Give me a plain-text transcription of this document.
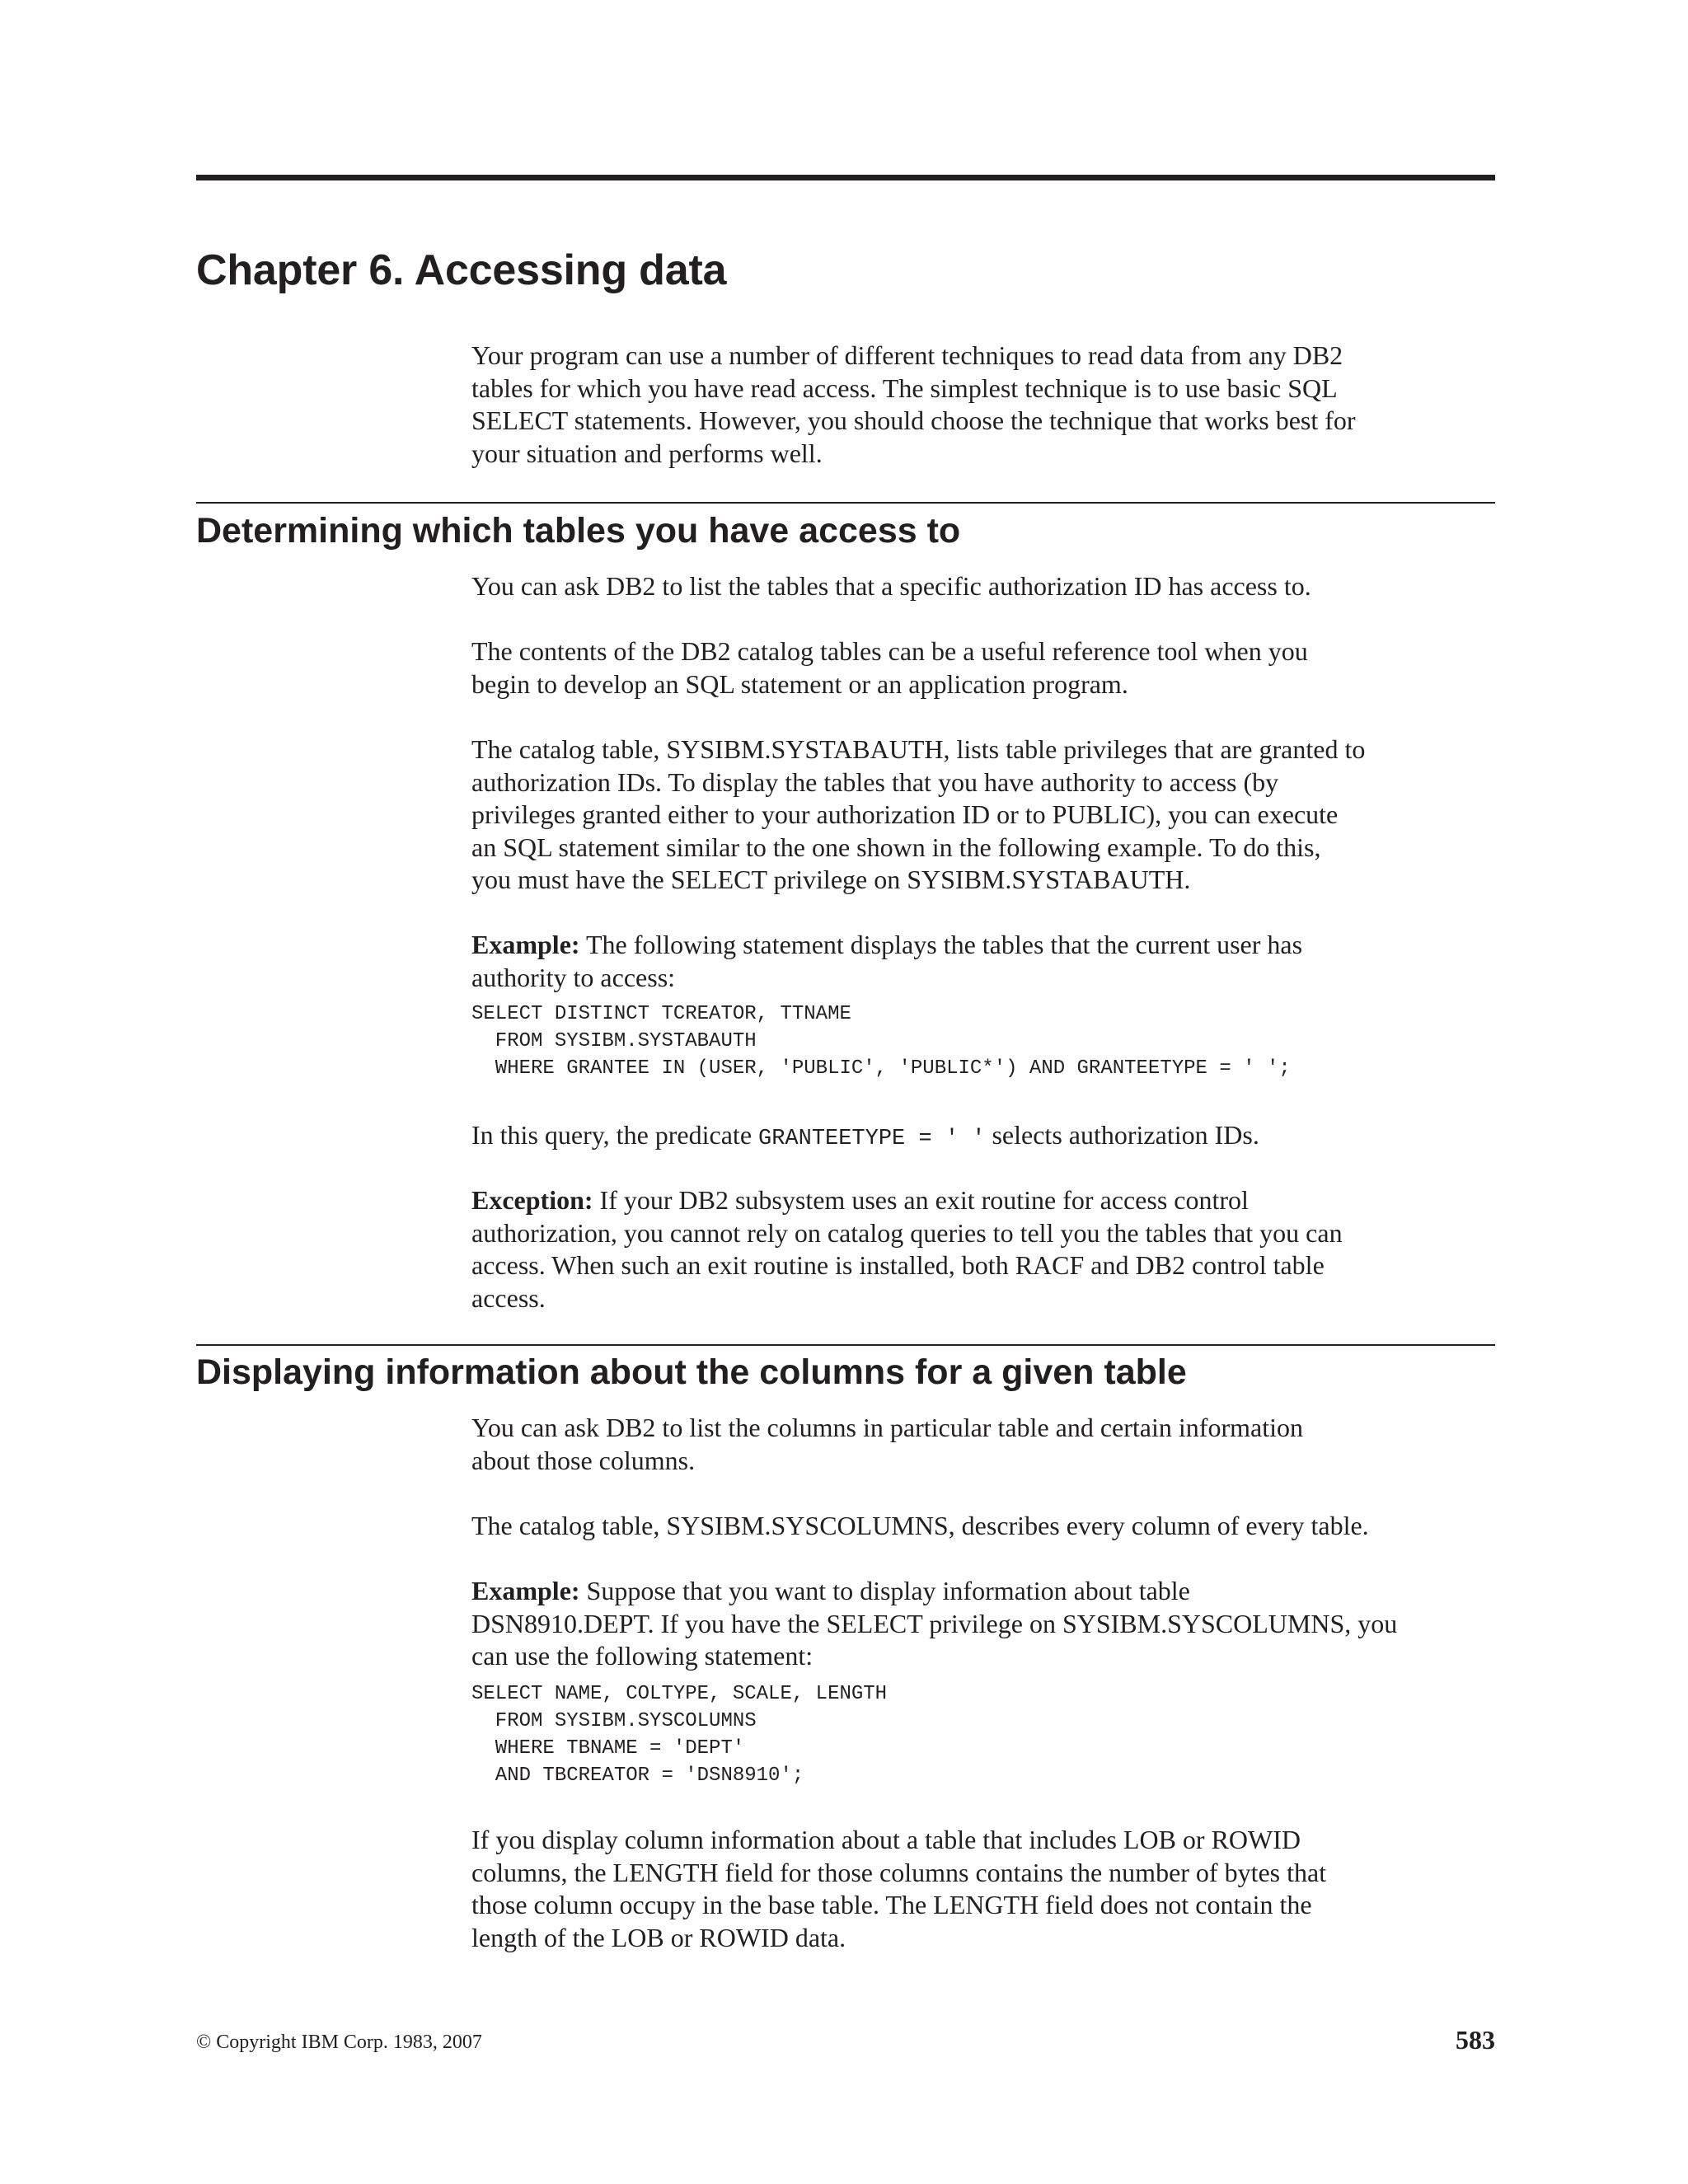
Chapter 6. Accessing data

Your program can use a number of different techniques to read data from any DB2
tables for which you have read access. The simplest technique is to use basic SQL
SELECT statements. However, you should choose the technique that works best for
your situation and performs well.

Determining which tables you have access to

You can ask DB2 to list the tables that a specific authorization ID has access to.

The contents of the DB2 catalog tables can be a useful reference tool when you
begin to develop an SQL statement or an application program.

The catalog table, SYSIBM.SYSTABAUTH, lists table privileges that are granted to
authorization IDs. To display the tables that you have authority to access (by
privileges granted either to your authorization ID or to PUBLIC), you can execute
an SQL statement similar to the one shown in the following example. To do this,
you must have the SELECT privilege on SYSIBM.SYSTABAUTH.

Example: The following statement displays the tables that the current user has
authority to access:

SELECT DISTINCT TCREATOR, TTNAME
FROM SYSIBM.SYSTABAUTH
WHERE GRANTEE IN (USER, 'PUBLIC', 'PUBLIC*') AND GRANTEETYPE = ' ';

In this query, the predicate GRANTEETYPE = ' ' selects authorization IDs.

Exception: If your DB2 subsystem uses an exit routine for access control
authorization, you cannot rely on catalog queries to tell you the tables that you can
access. When such an exit routine is installed, both RACF and DB2 control table
access.

Displaying information about the columns for a given table

You can ask DB2 to list the columns in particular table and certain information
about those columns.

The catalog table, SYSIBM.SYSCOLUMNS, describes every column of every table.

Example: Suppose that you want to display information about table
DSN8910.DEPT. If you have the SELECT privilege on SYSIBM.SYSCOLUMNS, you
can use the following statement:

SELECT NAME, COLTYPE, SCALE, LENGTH
FROM SYSIBM.SYSCOLUMNS
WHERE TBNAME = 'DEPT'
AND TBCREATOR = 'DSN8910';

If you display column information about a table that includes LOB or ROWID
columns, the LENGTH field for those columns contains the number of bytes that
those column occupy in the base table. The LENGTH field does not contain the
length of the LOB or ROWID data.

© Copyright IBM Corp. 1983, 2007	583
